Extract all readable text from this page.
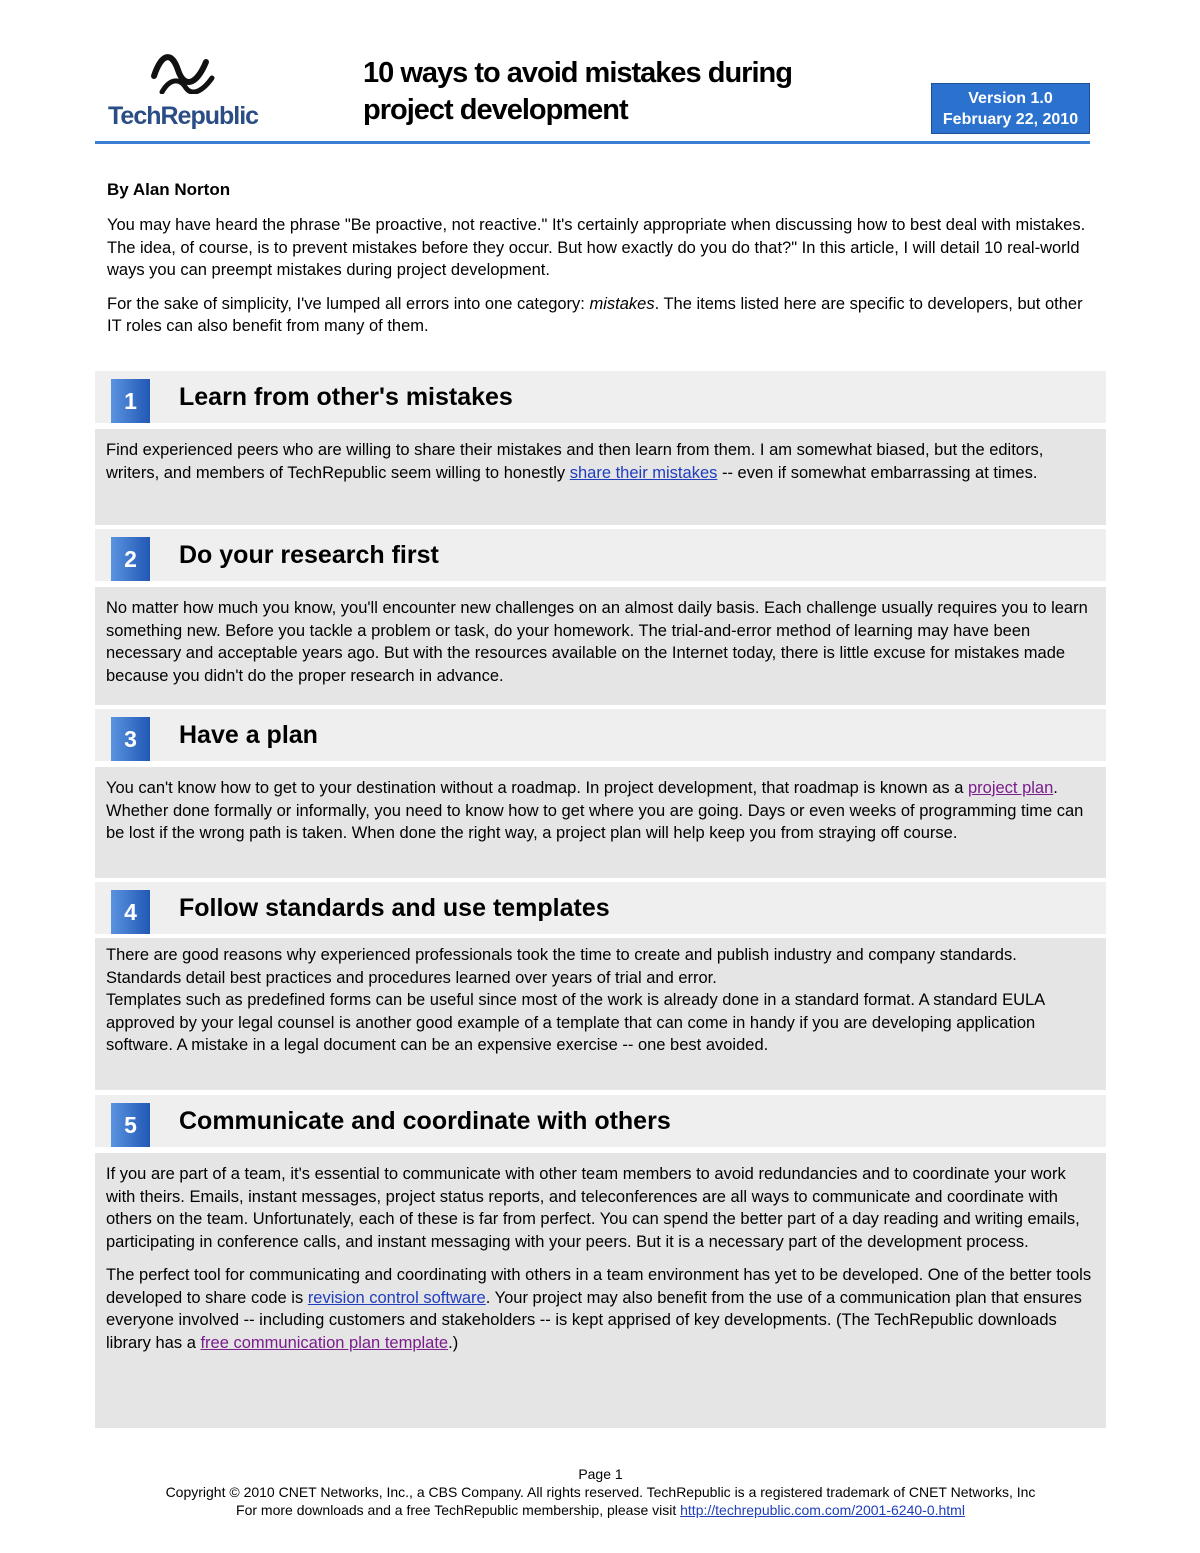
TechRepublic
10 ways to avoid mistakes during
project development	Version 1.0
February 22, 2010
By Alan Norton

You may have heard the phrase "Be proactive, not reactive." It's certainly appropriate when discussing how to best deal with mistakes. The idea, of course, is to prevent mistakes before they occur. But how exactly do you do that?" In this article, I will detail 10 real-world ways you can preempt mistakes during project development.

For the sake of simplicity, I've lumped all errors into one category: mistakes. The items listed here are specific to developers, but other IT roles can also benefit from many of them.

1	Learn from other's mistakes

Find experienced peers who are willing to share their mistakes and then learn from them. I am somewhat biased, but the editors, writers, and members of TechRepublic seem willing to honestly share their mistakes -- even if somewhat embarrassing at times.

2	Do your research first

No matter how much you know, you'll encounter new challenges on an almost daily basis. Each challenge usually requires you to learn something new. Before you tackle a problem or task, do your homework. The trial-and-error method of learning may have been necessary and acceptable years ago. But with the resources available on the Internet today, there is little excuse for mistakes made because you didn't do the proper research in advance.

3	Have a plan

You can't know how to get to your destination without a roadmap. In project development, that roadmap is known as a project plan. Whether done formally or informally, you need to know how to get where you are going. Days or even weeks of programming time can be lost if the wrong path is taken. When done the right way, a project plan will help keep you from straying off course.

4	Follow standards and use templates

There are good reasons why experienced professionals took the time to create and publish industry and company standards. Standards detail best practices and procedures learned over years of trial and error.

Templates such as predefined forms can be useful since most of the work is already done in a standard format. A standard EULA approved by your legal counsel is another good example of a template that can come in handy if you are developing application software. A mistake in a legal document can be an expensive exercise -- one best avoided.

5	Communicate and coordinate with others

If you are part of a team, it's essential to communicate with other team members to avoid redundancies and to coordinate your work with theirs. Emails, instant messages, project status reports, and teleconferences are all ways to communicate and coordinate with others on the team. Unfortunately, each of these is far from perfect. You can spend the better part of a day reading and writing emails, participating in conference calls, and instant messaging with your peers. But it is a necessary part of the development process.

The perfect tool for communicating and coordinating with others in a team environment has yet to be developed. One of the better tools developed to share code is revision control software. Your project may also benefit from the use of a communication plan that ensures everyone involved -- including customers and stakeholders -- is kept apprised of key developments. (The TechRepublic downloads library has a free communication plan template.)

Page 1
Copyright © 2010 CNET Networks, Inc., a CBS Company. All rights reserved. TechRepublic is a registered trademark of CNET Networks, Inc
For more downloads and a free TechRepublic membership, please visit http://techrepublic.com.com/2001-6240-0.html
